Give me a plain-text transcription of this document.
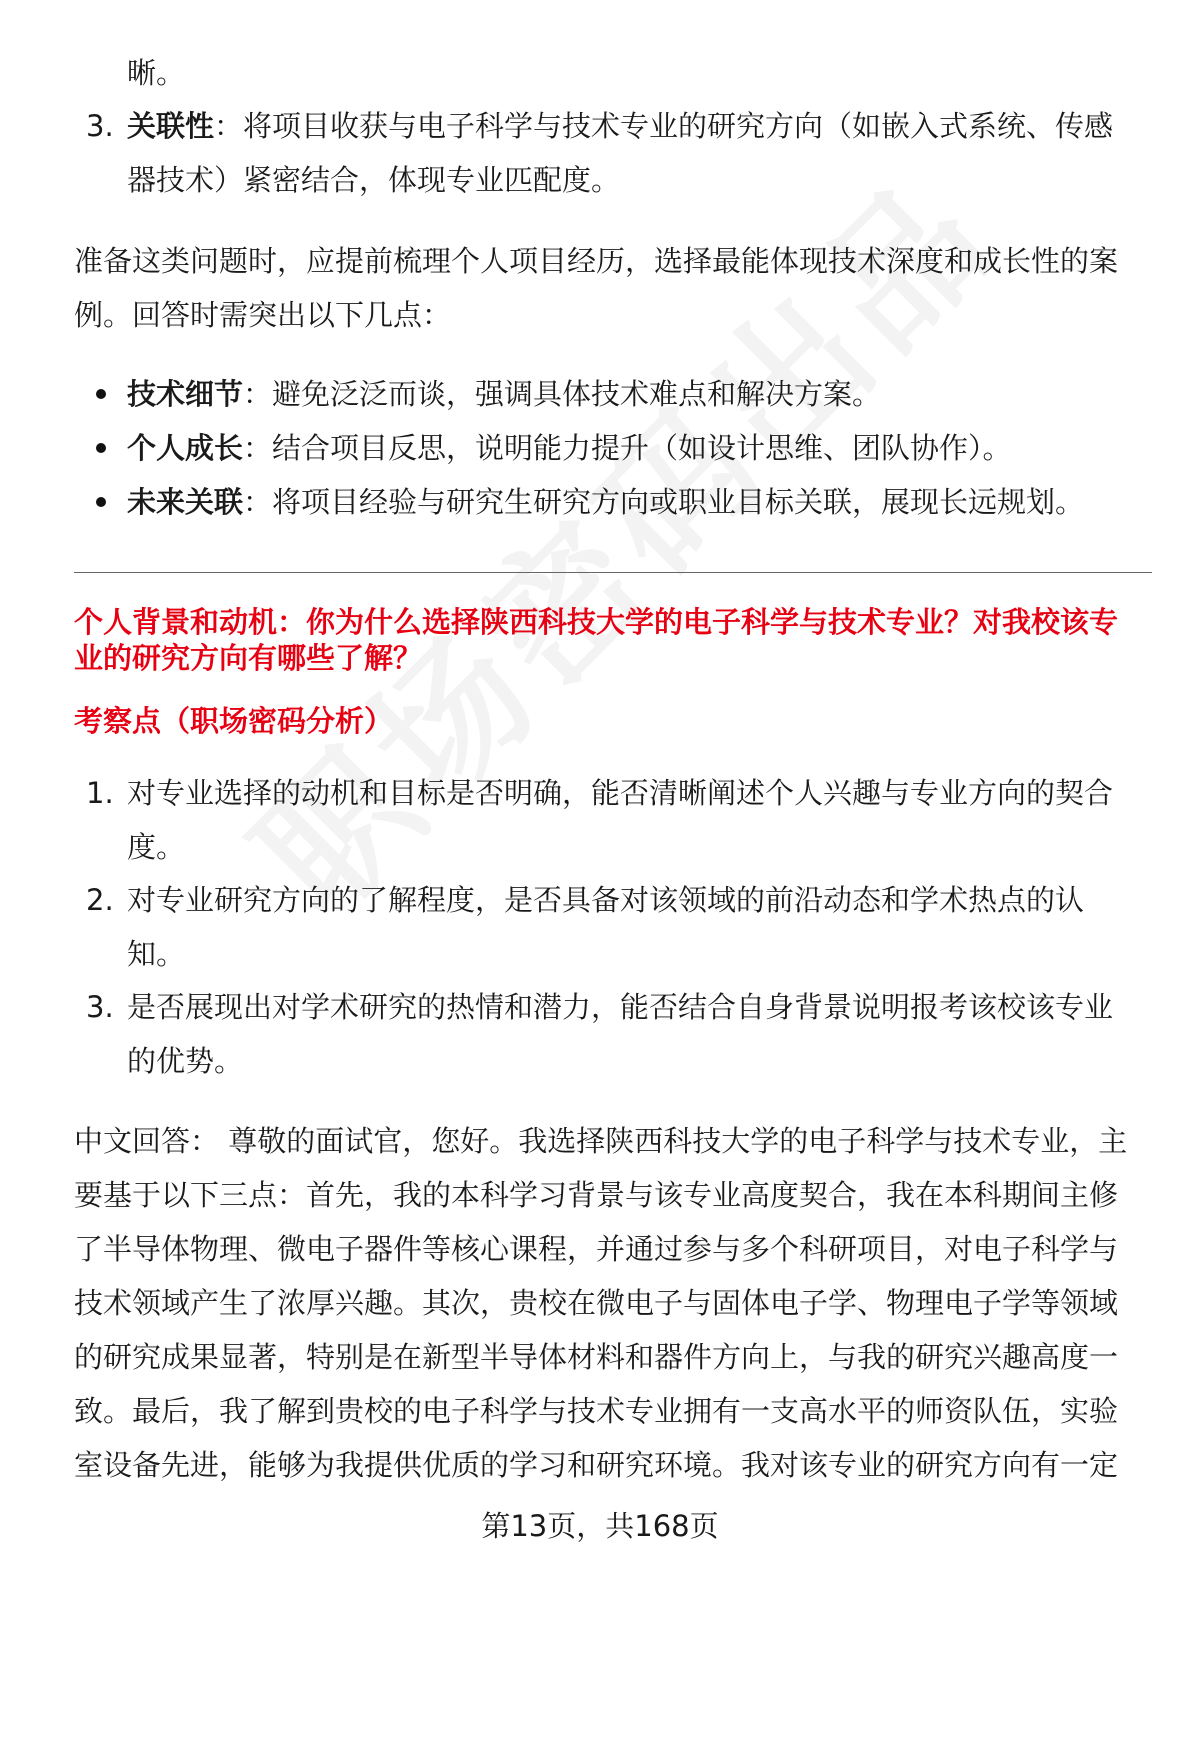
晰。
3. 关联性：将项目收获与电子科学与技术专业的研究方向（如嵌入式系统、传感
器技术）紧密结合，体现专业匹配度。
准备这类问题时，应提前梳理个人项目经历，选择最能体现技术深度和成长性的案
例。回答时需突出以下几点：
技术细节：避免泛泛而谈，强调具体技术难点和解决方案。
个人成长：结合项目反思，说明能力提升（如设计思维、团队协作）。
未来关联：将项目经验与研究生研究方向或职业目标关联，展现长远规划。
个人背景和动机：你为什么选择陕西科技大学的电子科学与技术专业？对我校该专
业的研究方向有哪些了解？
考察点（职场密码分析）
1. 对专业选择的动机和目标是否明确，能否清晰阐述个人兴趣与专业方向的契合
度。
2. 对专业研究方向的了解程度，是否具备对该领域的前沿动态和学术热点的认
知。
3. 是否展现出对学术研究的热情和潜力，能否结合自身背景说明报考该校该专业
的优势。
中文回答： 尊敬的面试官，您好。我选择陕西科技大学的电子科学与技术专业，主
要基于以下三点：首先，我的本科学习背景与该专业高度契合，我在本科期间主修
了半导体物理、微电子器件等核心课程，并通过参与多个科研项目，对电子科学与
技术领域产生了浓厚兴趣。其次，贵校在微电子与固体电子学、物理电子学等领域
的研究成果显著，特别是在新型半导体材料和器件方向上，与我的研究兴趣高度一
致。最后，我了解到贵校的电子科学与技术专业拥有一支高水平的师资队伍，实验
室设备先进，能够为我提供优质的学习和研究环境。我对该专业的研究方向有一定
第13页，共168页
